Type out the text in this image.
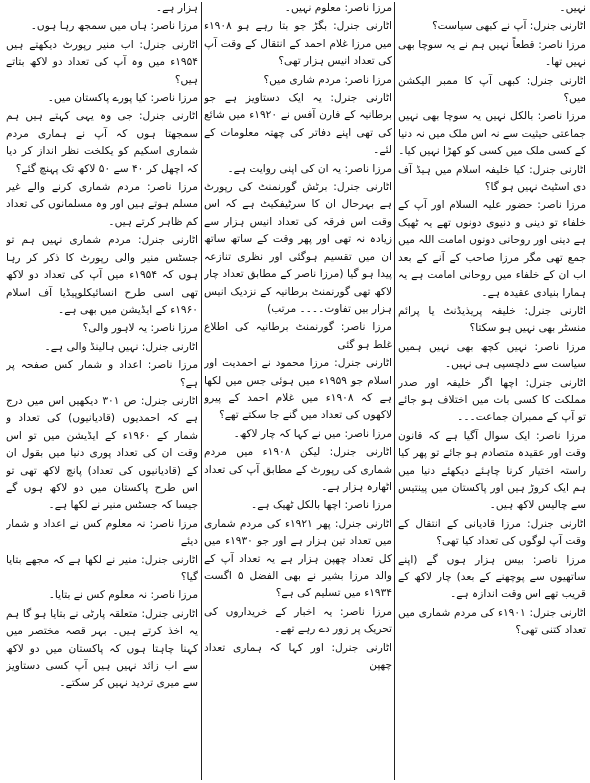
نہیں۔

اٹارنی جنرل: آپ نے کبھی سیاست؟

مرزا ناصر: قطعاً نہیں ہم نے یہ سوچا بھی نہیں تھا۔

اٹارنی جنرل: کبھی آپ کا ممبر الیکشن میں؟

مرزا ناصر: بالکل نہیں یہ سوچا بھی نہیں جماعتی حیثیت سے نہ اس ملک میں نہ دنیا کے کسی ملک میں کسی کو کھڑا نہیں کیا۔

اٹارنی جنرل: کیا خلیفہ اسلام میں ہیڈ آف دی اسٹیٹ نہیں ہو گا؟

مرزا ناصر: حضور علیہ السلام اور آپ کے خلفاء تو دینی و دنیوی دونوں تھے یہ ٹھیک ہے دینی اور روحانی دونوں امامت اللہ میں جمع تھی مگر مرزا صاحب کے آنے کے بعد اب ان کے خلفاء میں روحانی امامت ہے یہ ہمارا بنیادی عقیدہ ہے۔

اٹارنی جنرل: خلیفہ پریذیڈنٹ یا پرائم منسٹر بھی نہیں ہو سکتا؟

مرزا ناصر: نہیں کچھ بھی نہیں ہمیں سیاست سے دلچسپی ہی نہیں۔

اٹارنی جنرل: اچھا اگر خلیفہ اور صدر مملکت کا کسی بات میں اختلاف ہو جائے تو آپ کے ممبران جماعت۔۔۔

مرزا ناصر: ایک سوال آگیا ہے کہ قانون وقت اور عقیدہ متصادم ہو جائے تو پھر کیا راستہ اختیار کرنا چاہئے دیکھئے دنیا میں ہم ایک کروڑ ہیں اور پاکستان میں پینتیس سے چالیس لاکھ ہیں۔

اٹارنی جنرل: مرزا قادیانی کے انتقال کے وقت آپ لوگوں کی تعداد کیا تھی؟

مرزا ناصر: بیس ہزار ہوں گے (اپنے ساتھیوں سے پوچھنے کے بعد) چار لاکھ کے قریب تھے اس وقت اندازہ ہے۔

اٹارنی جنرل: ۱۹۰۱ء کی مردم شماری میں تعداد کتنی تھی؟

مرزا ناصر: معلوم نہیں۔

اٹارنی جنرل: بگڑ جو بتا رہے ہو ۱۹۰۸ء میں مرزا غلام احمد کے انتقال کے وقت آپ کی تعداد انیس ہزار تھی؟

مرزا ناصر: مردم شاری میں؟

اٹارنی جنرل: یہ ایک دستاویز ہے جو برطانیہ کے فارن آفس نے ۱۹۲۰ء میں شائع کی تھی اپنے دفاتر کی چھتہ معلومات کے لئے۔

مرزا ناصر: یہ ان کی اپنی روایت ہے۔

اٹارنی جنرل: برٹش گورنمنٹ کی رپورٹ ہے بہرحال ان کا سرٹیفکیٹ ہے کہ اس وقت اس فرقہ کی تعداد انیس ہزار سے زیادہ نہ تھی اور پھر وقت کے ساتھ ساتھ ان میں تقسیم ہوگئی اور نظری تنازعہ پیدا ہو گیا (مرزا ناصر کے مطابق تعداد چار لاکھ تھی گورنمنٹ برطانیہ کے نزدیک انیس ہزار بیں تفاوت۔۔۔۔ مرتب)

مرزا ناصر: گورنمنٹ برطانیہ کی اطلاع غلط ہو گئی

اٹارنی جنرل: مرزا محمود نے احمدیت اور اسلام جو ۱۹۵۹ء میں ہوئی جس میں لکھا ہے کہ ۱۹۰۸ء میں غلام احمد کے پیرو لاکھوں کی تعداد میں گنے جا سکتے تھے؟

مرزا ناصر: میں نے کہا کہ چار لاکھ۔

اٹارنی جنرل: لیکن ۱۹۰۸ء میں مردم شماری کی رپورٹ کے مطابق آپ کی تعداد اٹھارہ ہزار ہے۔

مرزا ناصر: اچھا بالکل ٹھیک ہے۔

اٹارنی جنرل: پھر ۱۹۲۱ء کی مردم شماری میں تعداد تین ہزار ہے اور جو ۱۹۳۰ء میں کل تعداد چھپن ہزار ہے یہ تعداد آپ کے والد مرزا بشیر نے بھی الفضل ۵ اگست ۱۹۳۴ء میں تسلیم کی ہے؟

مرزا ناصر: یہ اخبار کے خریداروں کی تحریک پر زور دے رہے تھے۔

اٹارنی جنرل: اور کہا کہ ہماری تعداد چھپن

ہزار ہے۔

مرزا ناصر: ہاں میں سمجھ رہا ہوں۔

اٹارنی جنرل: اب منیر رپورٹ دیکھتے ہیں ۱۹۵۴ء میں وہ آپ کی تعداد دو لاکھ بتاتے ہیں؟

مرزا ناصر: کیا پورے پاکستان میں۔

اٹارنی جنرل: جی وہ یہی کہتے ہیں ہم سمجھتا ہوں کہ آپ نے ہماری مردم شماری اسکیم کو یکلخت نظر انداز کر دیا کہ اچھل کر ۴۰ سے ۵۰ لاکھ تک پہنچ گئے؟

مرزا ناصر: مردم شماری کرنے والے غیر مسلم ہوتے ہیں اور وہ مسلمانوں کی تعداد کم ظاہر کرتے ہیں۔

اٹارنی جنرل: مردم شماری نہیں ہم تو جسٹس منیر والی رپورٹ کا ذکر کر رہا ہوں کہ ۱۹۵۴ء میں آپ کی تعداد دو لاکھ تھی اسی طرح انسائیکلوپیڈیا آف اسلام ۱۹۶۰ء کے ایڈیشن میں بھی ہے۔

مرزا ناصر: یہ لاہور والی؟

اٹارنی جنرل: نہیں ہالینڈ والی ہے۔

مرزا ناصر: اعداد و شمار کس صفحہ پر ہے؟

اٹارنی جنرل: ص ۳۰۱ دیکھیں اس میں درج ہے کہ احمدیوں (قادیانیوں) کی تعداد و شمار کے ۱۹۶۰ء کے ایڈیشن میں تو اس وقت ان کی تعداد پوری دنیا میں بقول ان کے (قادیانیوں کی تعداد) پانچ لاکھ تھی تو اس طرح پاکستان میں دو لاکھ ہوں گے جیسا کہ جسٹس منیر نے لکھا ہے۔

مرزا ناصر: نہ معلوم کس نے اعداد و شمار دیئے

اٹارنی جنرل: منیر نے لکھا ہے کہ مجھے بتایا گیا؟

مرزا ناصر: نہ معلوم کس نے بتایا۔

اٹارنی جنرل: متعلقہ پارٹی نے بتایا ہو گا ہم یہ اخذ کرتے ہیں۔ بہر قصہ مختصر میں کہنا چاہتا ہوں کہ پاکستان میں دو لاکھ سے اب زائد نہیں ہیں آپ کسی دستاویز سے میری تردید نہیں کر سکتے۔
